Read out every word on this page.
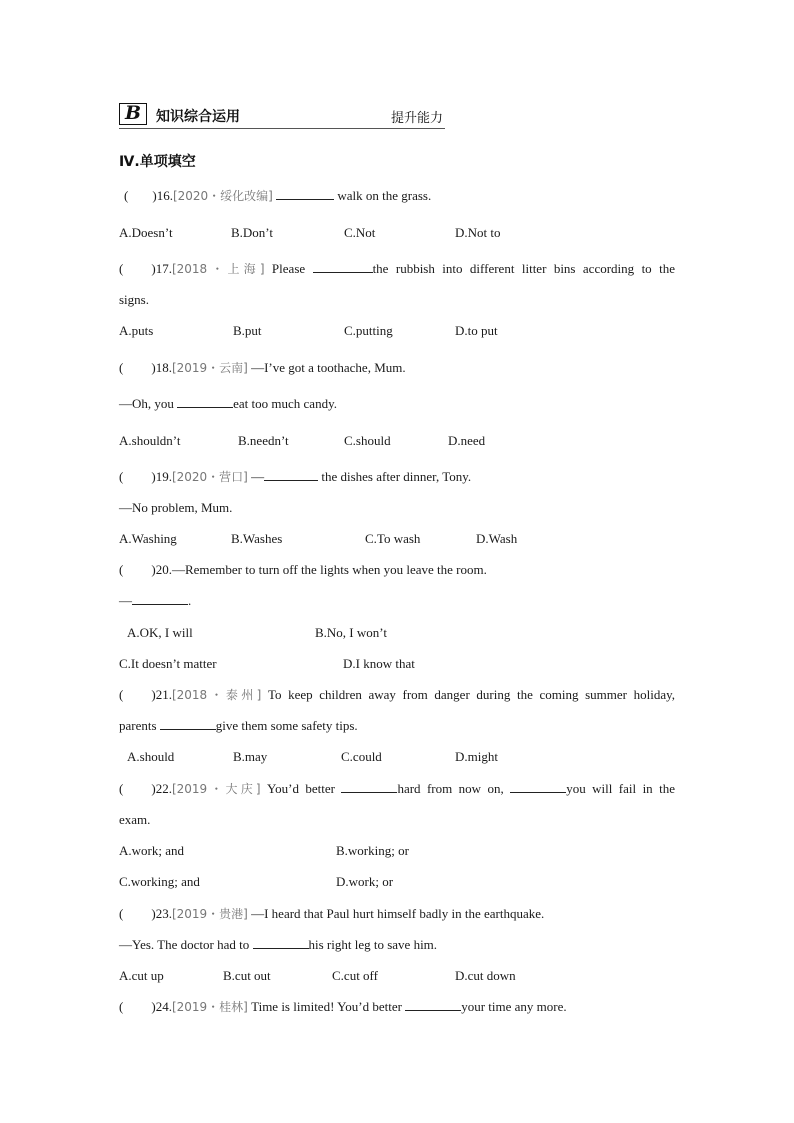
B	知识综合运用	提升能力
Ⅳ.单项填空
( )16.[2020・绥化改编]	walk on the grass.
A.Doesn’t	B.Don’t	C.Not	D.Not to
( )17.[2018・上海] Please	the rubbish into different litter bins according to the
signs.
A.puts	B.put	C.putting	D.to put
( )18.[2019・云南] —I’ve got a toothache, Mum.
—Oh, you	eat too much candy.
A.shouldn’t	B.needn’t	C.should	D.need
( )19.[2020・营口] —	the dishes after dinner, Tony.
—No problem, Mum.
A.Washing	B.Washes	C.To wash	D.Wash
( )20.—Remember to turn off the lights when you leave the room.
—	.
A.OK, I will	B.No, I won’t
C.It doesn’t matter	D.I know that
( )21.[2018・泰州] To keep children away from danger during the coming summer holiday,
parents	give them some safety tips.
A.should	B.may	C.could	D.might
( )22.[2019・大庆] You’d better	hard from now on,	you will fail in the
exam.
A.work; and	B.working; or
C.working; and	D.work; or
( )23.[2019・贵港] —I heard that Paul hurt himself badly in the earthquake.
—Yes. The doctor had to	his right leg to save him.
A.cut up	B.cut out	C.cut off	D.cut down
( )24.[2019・桂林] Time is limited! You’d better	your time any more.
